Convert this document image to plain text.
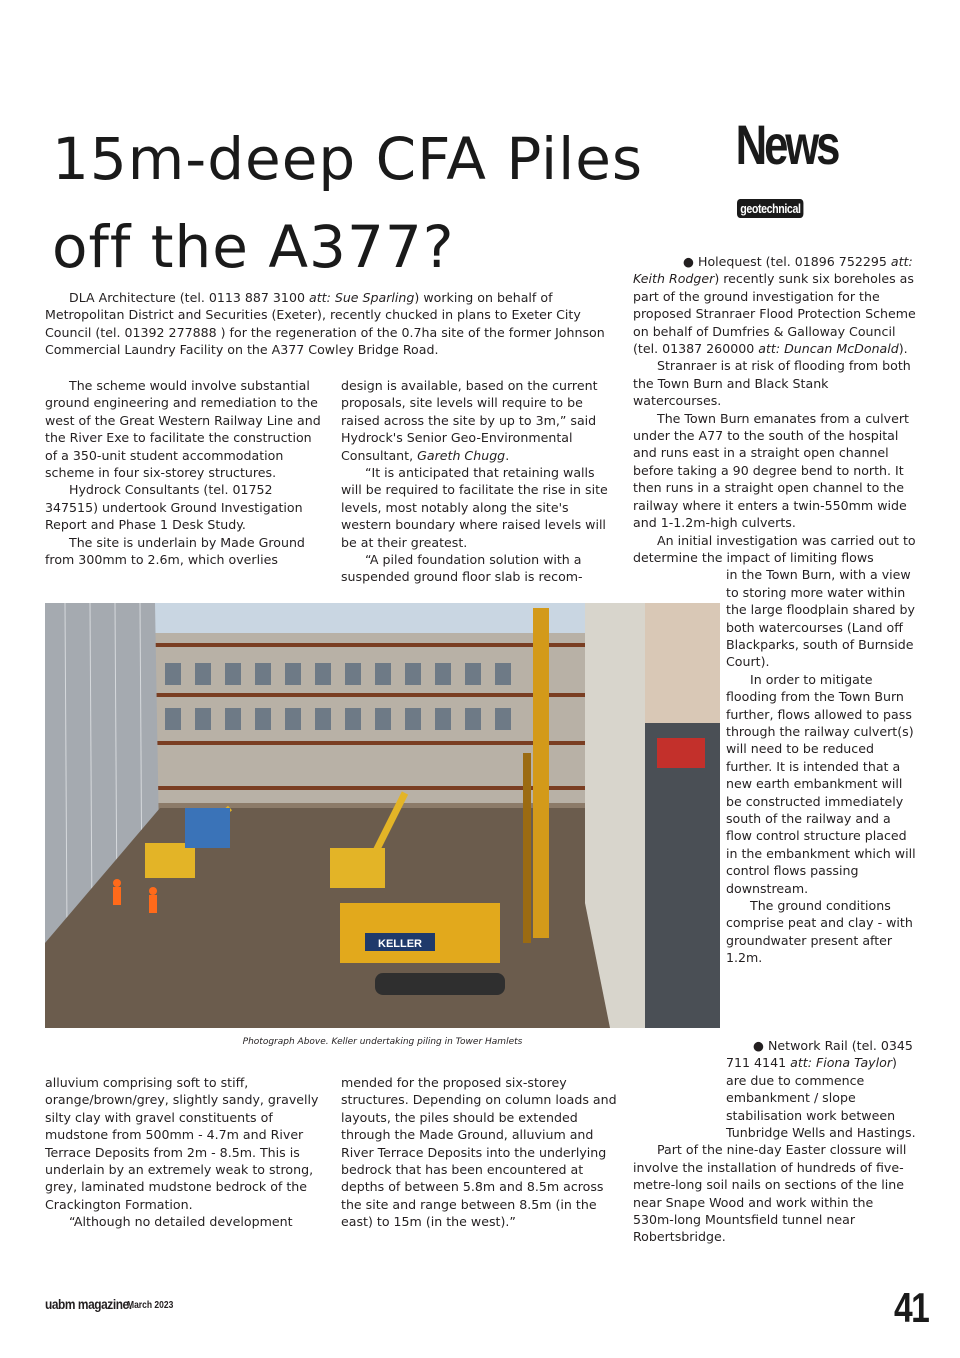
15m-deep CFA Piles
off the A377?
News
geotechnical

DLA Architecture (tel. 0113 887 3100 att: Sue Sparling) working on behalf of Metropolitan District and Securities (Exeter), recently chucked in plans to Exeter City Council (tel. 01392 277888 ) for the regeneration of the 0.7ha site of the former Johnson Commercial Laundry Facility on the A377 Cowley Bridge Road.

The scheme would involve substantial ground engineering and remediation to the west of the Great Western Railway Line and the River Exe to facilitate the construction of a 350-unit student accommodation scheme in four six-storey structures.

Hydrock Consultants (tel. 01752 347515) undertook Ground Investigation Report and Phase 1 Desk Study.

The site is underlain by Made Ground from 300mm to 2.6m, which overlies

design is available, based on the current proposals, site levels will require to be raised across the site by up to 3m,” said Hydrock's Senior Geo-Environmental Consultant, Gareth Chugg.

“It is anticipated that retaining walls will be required to facilitate the rise in site levels, most notably along the site's western boundary where raised levels will be at their greatest.

“A piled foundation solution with a suspended ground floor slab is recom-

● Holequest (tel. 01896 752295 att: Keith Rodger) recently sunk six boreholes as part of the ground investigation for the proposed Stranraer Flood Protection Scheme on behalf of Dumfries & Galloway Council (tel. 01387 260000 att: Duncan McDonald).

Stranraer is at risk of flooding from both the Town Burn and Black Stank watercourses.

The Town Burn emanates from a culvert under the A77 to the south of the hospital and runs east in a straight open channel before taking a 90 degree bend to north. It then runs in a straight open channel to the railway where it enters a twin-550mm wide and 1-1.2m-high culverts.

An initial investigation was carried out to determine the impact of limiting flows

in the Town Burn, with a view to storing more water within the large floodplain shared by both watercourses (Land off Blackparks, south of Burnside Court).

In order to mitigate flooding from the Town Burn further, flows allowed to pass through the railway culvert(s) will need to be reduced further. It is intended that a new earth embankment will be constructed immediately south of the railway and a flow control structure placed in the embankment which will control flows passing downstream.

The ground conditions comprise peat and clay - with groundwater present after 1.2m.

KELLER
Photograph Above. Keller undertaking piling in Tower Hamlets

alluvium comprising soft to stiff, orange/brown/grey, slightly sandy, gravelly silty clay with gravel constituents of mudstone from 500mm - 4.7m and River Terrace Deposits from 2m - 8.5m. This is underlain by an extremely weak to strong, grey, laminated mudstone bedrock of the Crackington Formation.

“Although no detailed development

mended for the proposed six-storey structures. Depending on column loads and layouts, the piles should be extended through the Made Ground, alluvium and River Terrace Deposits into the underlying bedrock that has been encountered at depths of between 5.8m and 8.5m across the site and range between 8.5m (in the east) to 15m (in the west).”

● Network Rail (tel. 0345

711 4141 att: Fiona Taylor) are due to commence embankment / slope stabilisation work between Tunbridge Wells and Hastings.

Part of the nine-day Easter clossure will involve the installation of hundreds of five-metre-long soil nails on sections of the line near Snape Wood and work within the 530m-long Mountsfield tunnel near Robertsbridge.

uabm magazine.
March 2023	41
